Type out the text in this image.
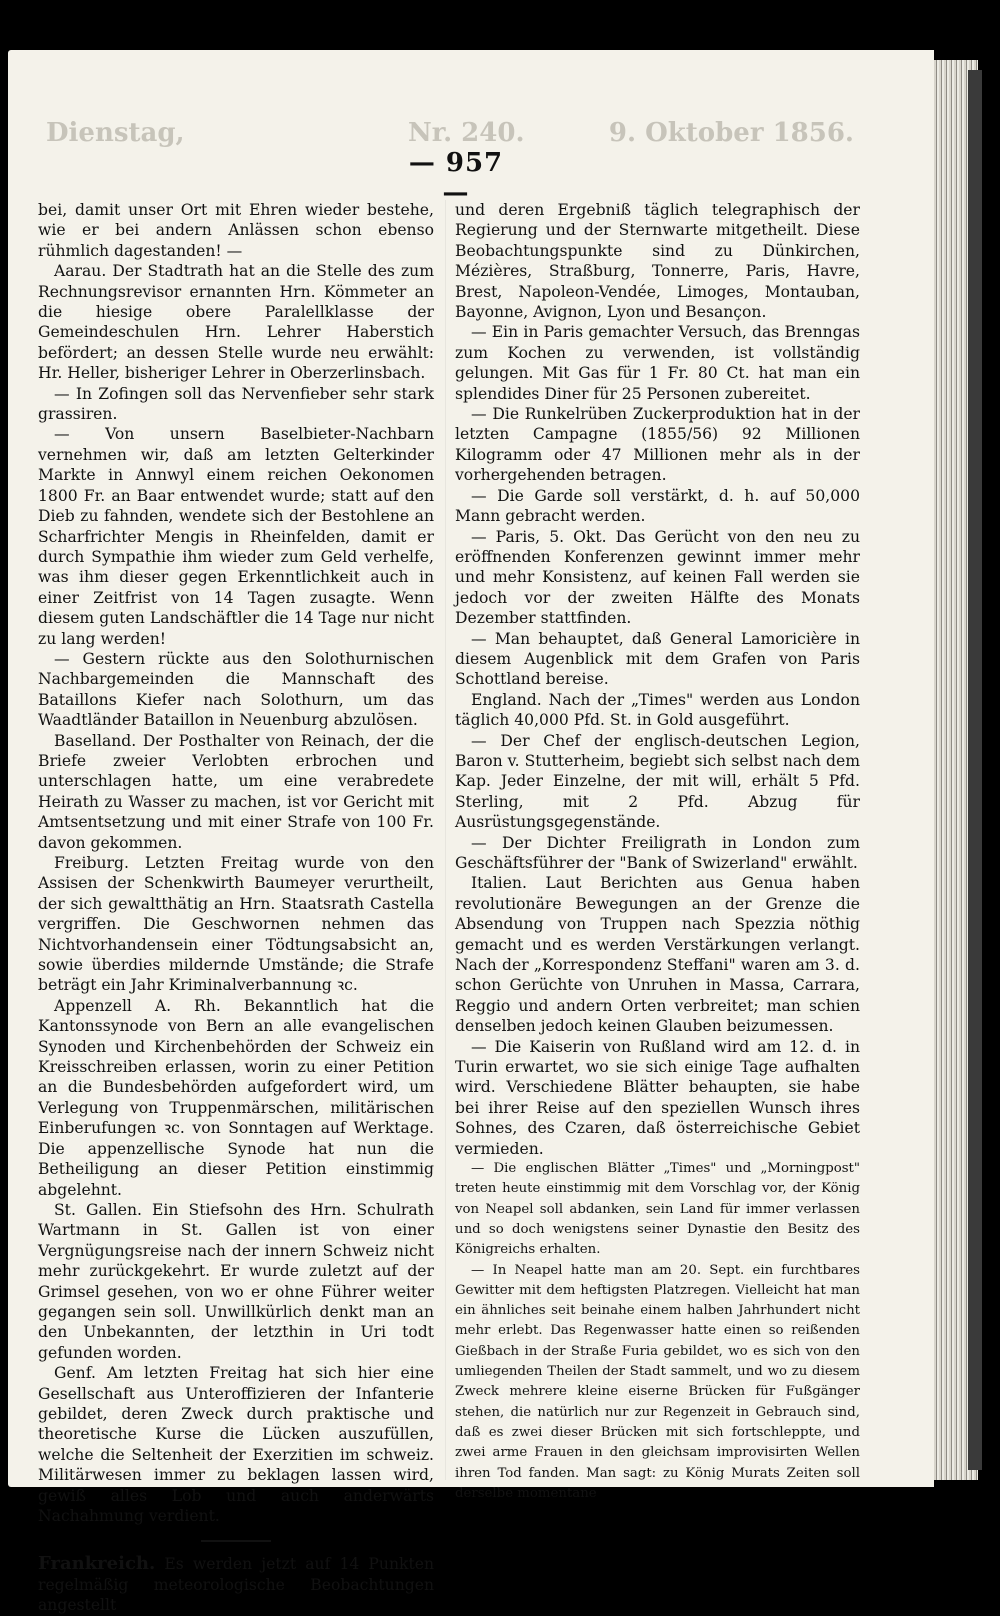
Dienstag,	Nr. 240.	9. Oktober 1856.
— 957 —

bei, damit unser Ort mit Ehren wieder bestehe, wie er bei andern Anlässen schon ebenso rühmlich dagestanden! —

Aarau. Der Stadtrath hat an die Stelle des zum Rechnungsrevisor ernannten Hrn. Kömmeter an die hiesige obere Paralellklasse der Gemeindeschulen Hrn. Lehrer Haberstich befördert; an dessen Stelle wurde neu erwählt: Hr. Heller, bisheriger Lehrer in Oberzerlinsbach.

— In Zofingen soll das Nervenfieber sehr stark grassiren.

— Von unsern Baselbieter-Nachbarn vernehmen wir, daß am letzten Gelterkinder Markte in Annwyl einem reichen Oekonomen 1800 Fr. an Baar entwendet wurde; statt auf den Dieb zu fahnden, wendete sich der Bestohlene an Scharfrichter Mengis in Rheinfelden, damit er durch Sympathie ihm wieder zum Geld verhelfe, was ihm dieser gegen Erkenntlichkeit auch in einer Zeitfrist von 14 Tagen zusagte. Wenn diesem guten Landschäftler die 14 Tage nur nicht zu lang werden!

— Gestern rückte aus den Solothurnischen Nachbargemeinden die Mannschaft des Bataillons Kiefer nach Solothurn, um das Waadtländer Bataillon in Neuenburg abzulösen.

Baselland. Der Posthalter von Reinach, der die Briefe zweier Verlobten erbrochen und unterschlagen hatte, um eine verabredete Heirath zu Wasser zu machen, ist vor Gericht mit Amtsentsetzung und mit einer Strafe von 100 Fr. davon gekommen.

Freiburg. Letzten Freitag wurde von den Assisen der Schenkwirth Baumeyer verurtheilt, der sich gewaltthätig an Hrn. Staatsrath Castella vergriffen. Die Geschwornen nehmen das Nichtvorhandensein einer Tödtungsabsicht an, sowie überdies mildernde Umstände; die Strafe beträgt ein Jahr Kriminalverbannung ꝛc.

Appenzell A. Rh. Bekanntlich hat die Kantonssynode von Bern an alle evangelischen Synoden und Kirchenbehörden der Schweiz ein Kreisschreiben erlassen, worin zu einer Petition an die Bundesbehörden aufgefordert wird, um Verlegung von Truppenmärschen, militärischen Einberufungen ꝛc. von Sonntagen auf Werktage. Die appenzellische Synode hat nun die Betheiligung an dieser Petition einstimmig abgelehnt.

St. Gallen. Ein Stiefsohn des Hrn. Schulrath Wartmann in St. Gallen ist von einer Vergnügungsreise nach der innern Schweiz nicht mehr zurückgekehrt. Er wurde zuletzt auf der Grimsel gesehen, von wo er ohne Führer weiter gegangen sein soll. Unwillkürlich denkt man an den Unbekannten, der letzthin in Uri todt gefunden worden.

Genf. Am letzten Freitag hat sich hier eine Gesellschaft aus Unteroffizieren der Infanterie gebildet, deren Zweck durch praktische und theoretische Kurse die Lücken auszufüllen, welche die Seltenheit der Exerzitien im schweiz. Militärwesen immer zu beklagen lassen wird, gewiß alles Lob und auch anderwärts Nachahmung verdient.

Frankreich. Es werden jetzt auf 14 Punkten regelmäßig meteorologische Beobachtungen angestellt

und deren Ergebniß täglich telegraphisch der Regierung und der Sternwarte mitgetheilt. Diese Beobachtungspunkte sind zu Dünkirchen, Mézières, Straßburg, Tonnerre, Paris, Havre, Brest, Napoleon-Vendée, Limoges, Montauban, Bayonne, Avignon, Lyon und Besançon.

— Ein in Paris gemachter Versuch, das Brenngas zum Kochen zu verwenden, ist vollständig gelungen. Mit Gas für 1 Fr. 80 Ct. hat man ein splendides Diner für 25 Personen zubereitet.

— Die Runkelrüben Zuckerproduktion hat in der letzten Campagne (1855/56) 92 Millionen Kilogramm oder 47 Millionen mehr als in der vorhergehenden betragen.

— Die Garde soll verstärkt, d. h. auf 50,000 Mann gebracht werden.

— Paris, 5. Okt. Das Gerücht von den neu zu eröffnenden Konferenzen gewinnt immer mehr und mehr Konsistenz, auf keinen Fall werden sie jedoch vor der zweiten Hälfte des Monats Dezember stattfinden.

— Man behauptet, daß General Lamoricière in diesem Augenblick mit dem Grafen von Paris Schottland bereise.

England. Nach der „Times" werden aus London täglich 40,000 Pfd. St. in Gold ausgeführt.

— Der Chef der englisch-deutschen Legion, Baron v. Stutterheim, begiebt sich selbst nach dem Kap. Jeder Einzelne, der mit will, erhält 5 Pfd. Sterling, mit 2 Pfd. Abzug für Ausrüstungsgegenstände.

— Der Dichter Freiligrath in London zum Geschäftsführer der "Bank of Swizerland" erwählt.

Italien. Laut Berichten aus Genua haben revolutionäre Bewegungen an der Grenze die Absendung von Truppen nach Spezzia nöthig gemacht und es werden Verstärkungen verlangt. Nach der „Korrespondenz Steffani" waren am 3. d. schon Gerüchte von Unruhen in Massa, Carrara, Reggio und andern Orten verbreitet; man schien denselben jedoch keinen Glauben beizumessen.

— Die Kaiserin von Rußland wird am 12. d. in Turin erwartet, wo sie sich einige Tage aufhalten wird. Verschiedene Blätter behaupten, sie habe bei ihrer Reise auf den speziellen Wunsch ihres Sohnes, des Czaren, daß österreichische Gebiet vermieden.

— Die englischen Blätter „Times" und „Morningpost" treten heute einstimmig mit dem Vorschlag vor, der König von Neapel soll abdanken, sein Land für immer verlassen und so doch wenigstens seiner Dynastie den Besitz des Königreichs erhalten.

— In Neapel hatte man am 20. Sept. ein furchtbares Gewitter mit dem heftigsten Platzregen. Vielleicht hat man ein ähnliches seit beinahe einem halben Jahrhundert nicht mehr erlebt. Das Regenwasser hatte einen so reißenden Gießbach in der Straße Furia gebildet, wo es sich von den umliegenden Theilen der Stadt sammelt, und wo zu diesem Zweck mehrere kleine eiserne Brücken für Fußgänger stehen, die natürlich nur zur Regenzeit in Gebrauch sind, daß es zwei dieser Brücken mit sich fortschleppte, und zwei arme Frauen in den gleichsam improvisirten Wellen ihren Tod fanden. Man sagt: zu König Murats Zeiten soll derselbe momentane
